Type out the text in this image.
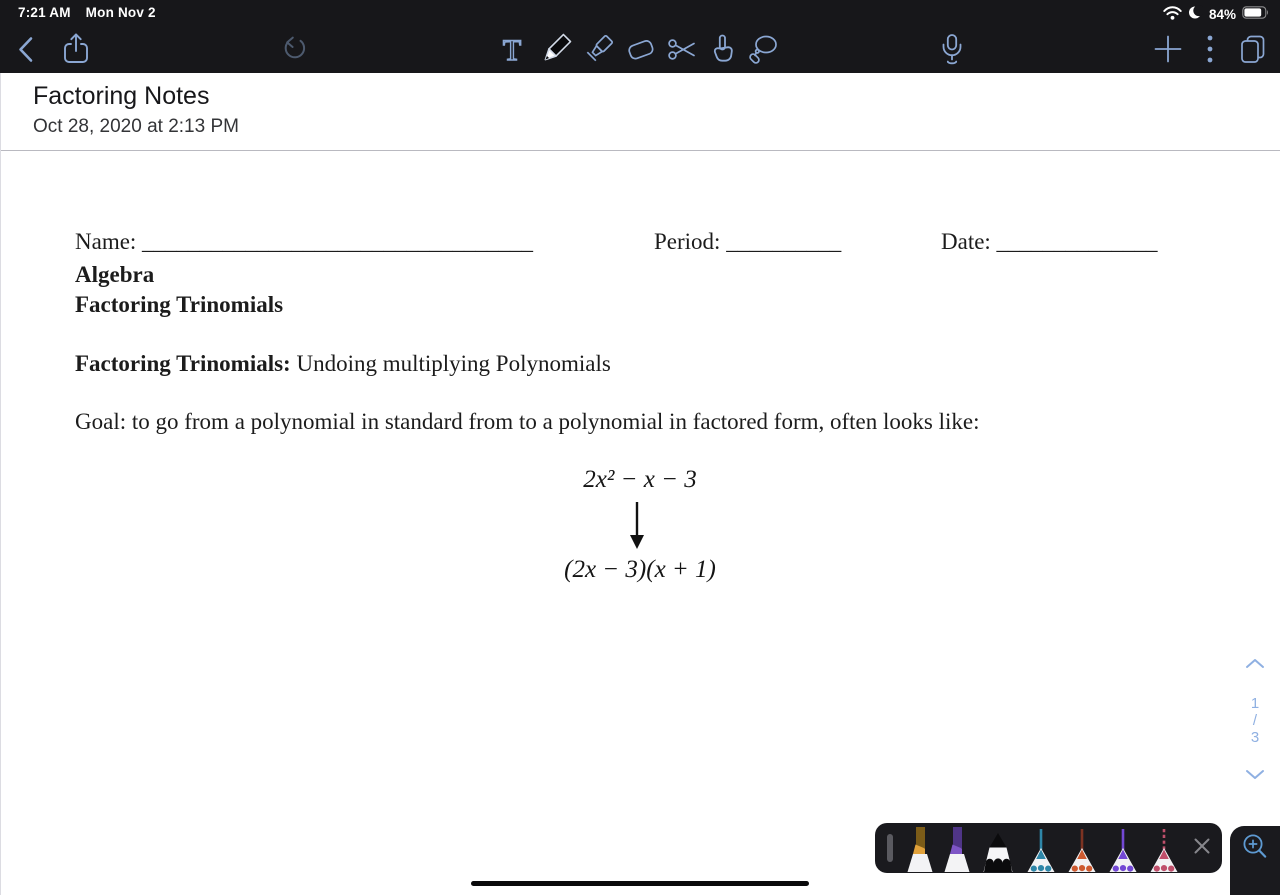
7:21 AM Mon Nov 2	84%
T
Factoring Notes
Oct 28, 2020 at 2:13 PM
Name: __________________________________	Period: __________	Date: ______________
Algebra
Factoring Trinomials
Factoring Trinomials: Undoing multiplying Polynomials
Goal: to go from a polynomial in standard from to a polynomial in factored form, often looks like:
2x² − x − 3
(2x − 3)(x + 1)
1
/
3
